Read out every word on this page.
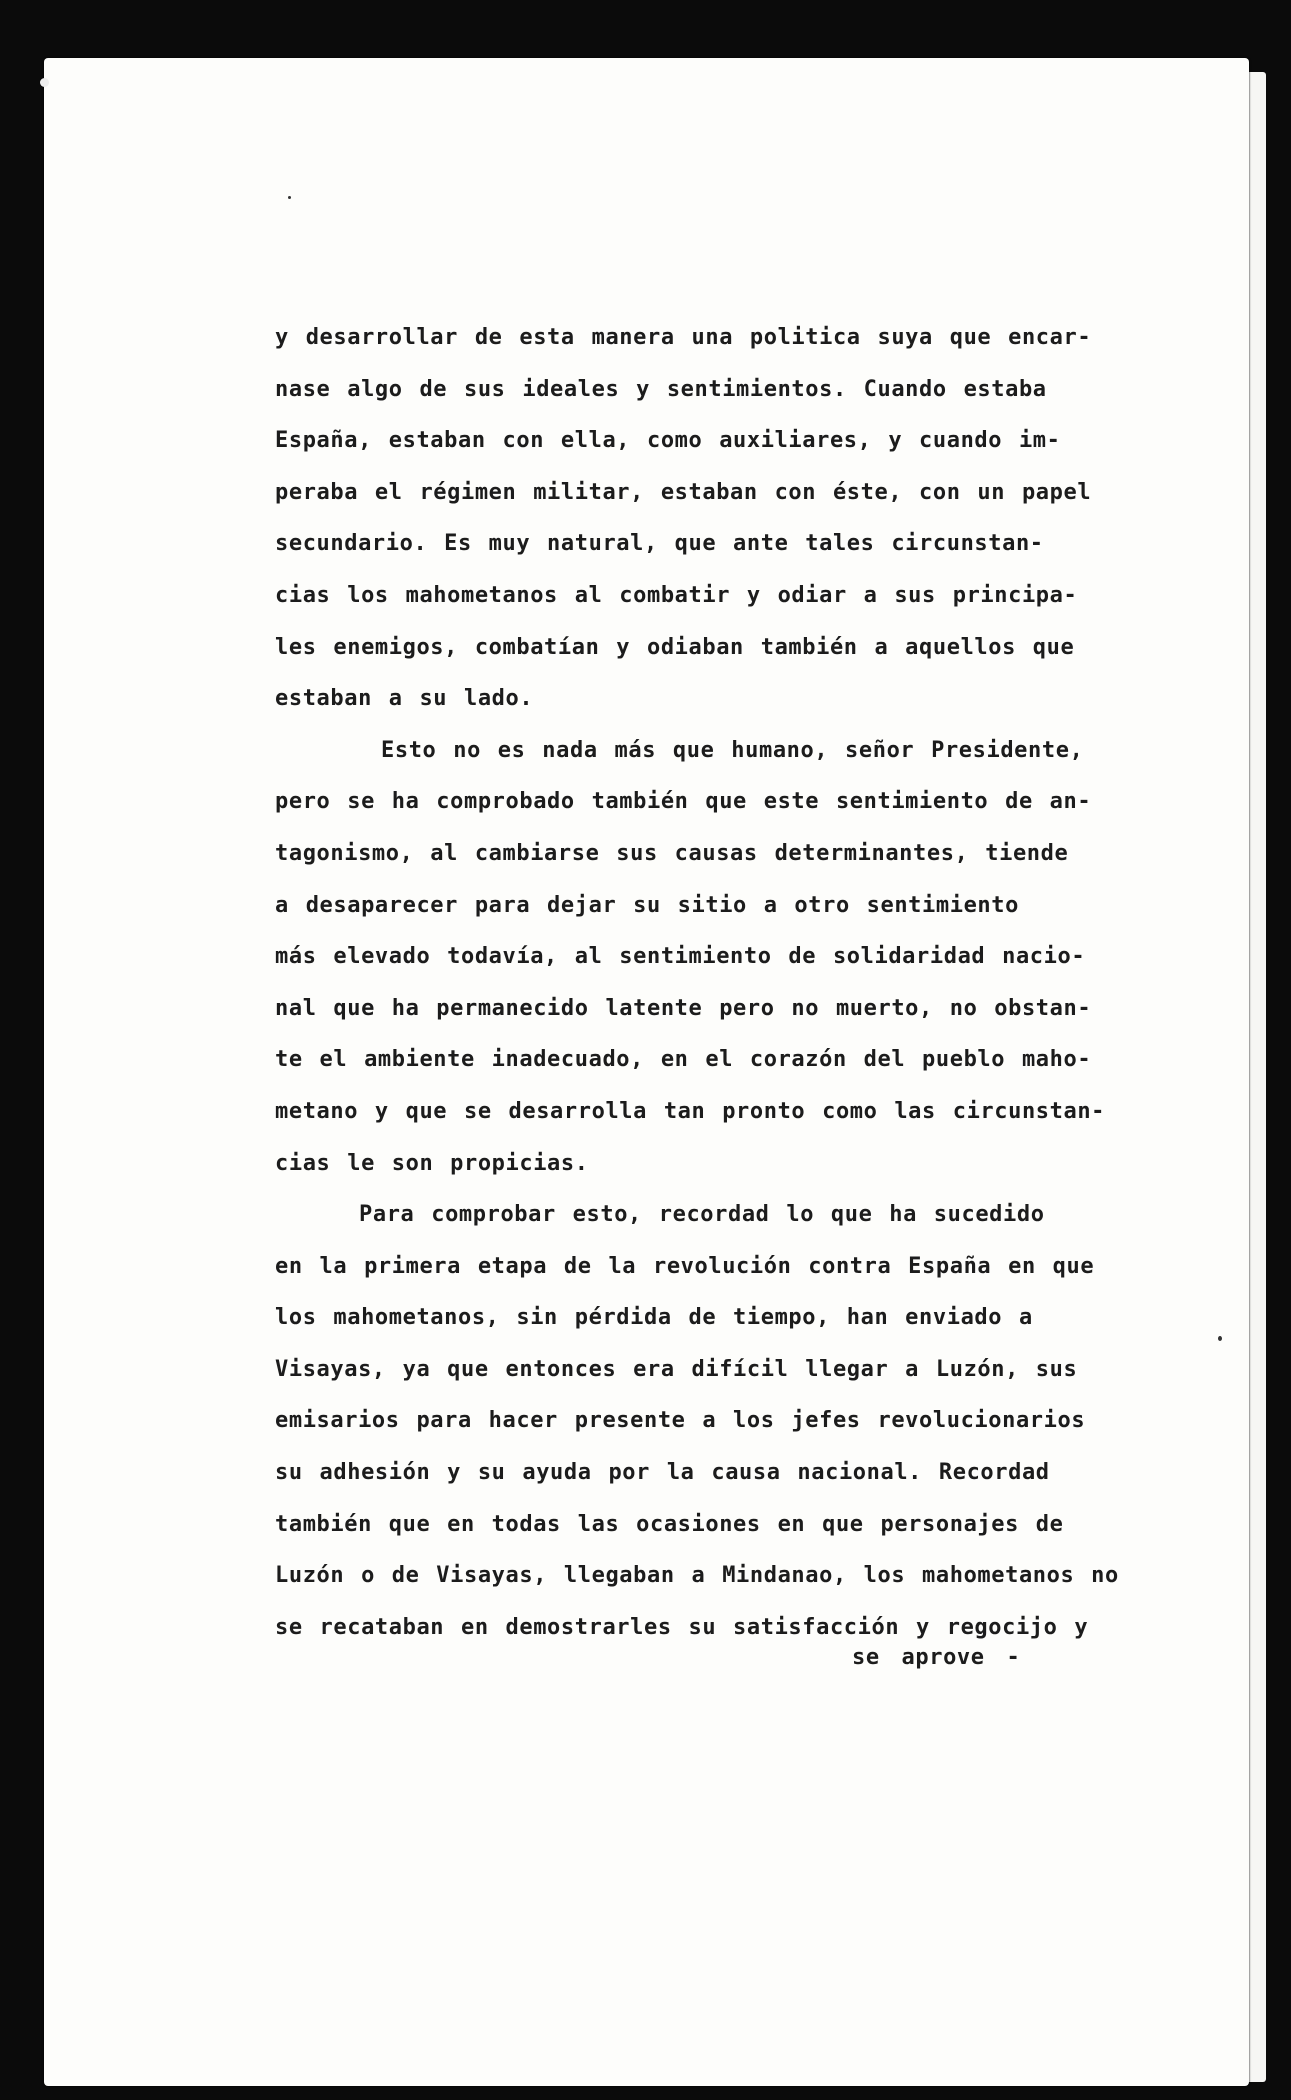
y desarrollar de esta manera una politica suya que encar-
nase algo de sus ideales y sentimientos. Cuando estaba
España, estaban con ella, como auxiliares, y cuando im-
peraba el régimen militar, estaban con éste, con un papel
secundario. Es muy natural, que ante tales circunstan-
cias los mahometanos al combatir y odiar a sus principa-
les enemigos, combatían y odiaban también a aquellos que
estaban a su lado.
Esto no es nada más que humano, señor Presidente,
pero se ha comprobado también que este sentimiento de an-
tagonismo, al cambiarse sus causas determinantes, tiende
a desaparecer para dejar su sitio a otro sentimiento
más elevado todavía, al sentimiento de solidaridad nacio-
nal que ha permanecido latente pero no muerto, no obstan-
te el ambiente inadecuado, en el corazón del pueblo maho-
metano y que se desarrolla tan pronto como las circunstan-
cias le son propicias.
Para comprobar esto, recordad lo que ha sucedido
en la primera etapa de la revolución contra España en que
los mahometanos, sin pérdida de tiempo, han enviado a
Visayas, ya que entonces era difícil llegar a Luzón, sus
emisarios para hacer presente a los jefes revolucionarios
su adhesión y su ayuda por la causa nacional. Recordad
también que en todas las ocasiones en que personajes de
Luzón o de Visayas, llegaban a Mindanao, los mahometanos no
se recataban en demostrarles su satisfacción y regocijo y
se aprove -
